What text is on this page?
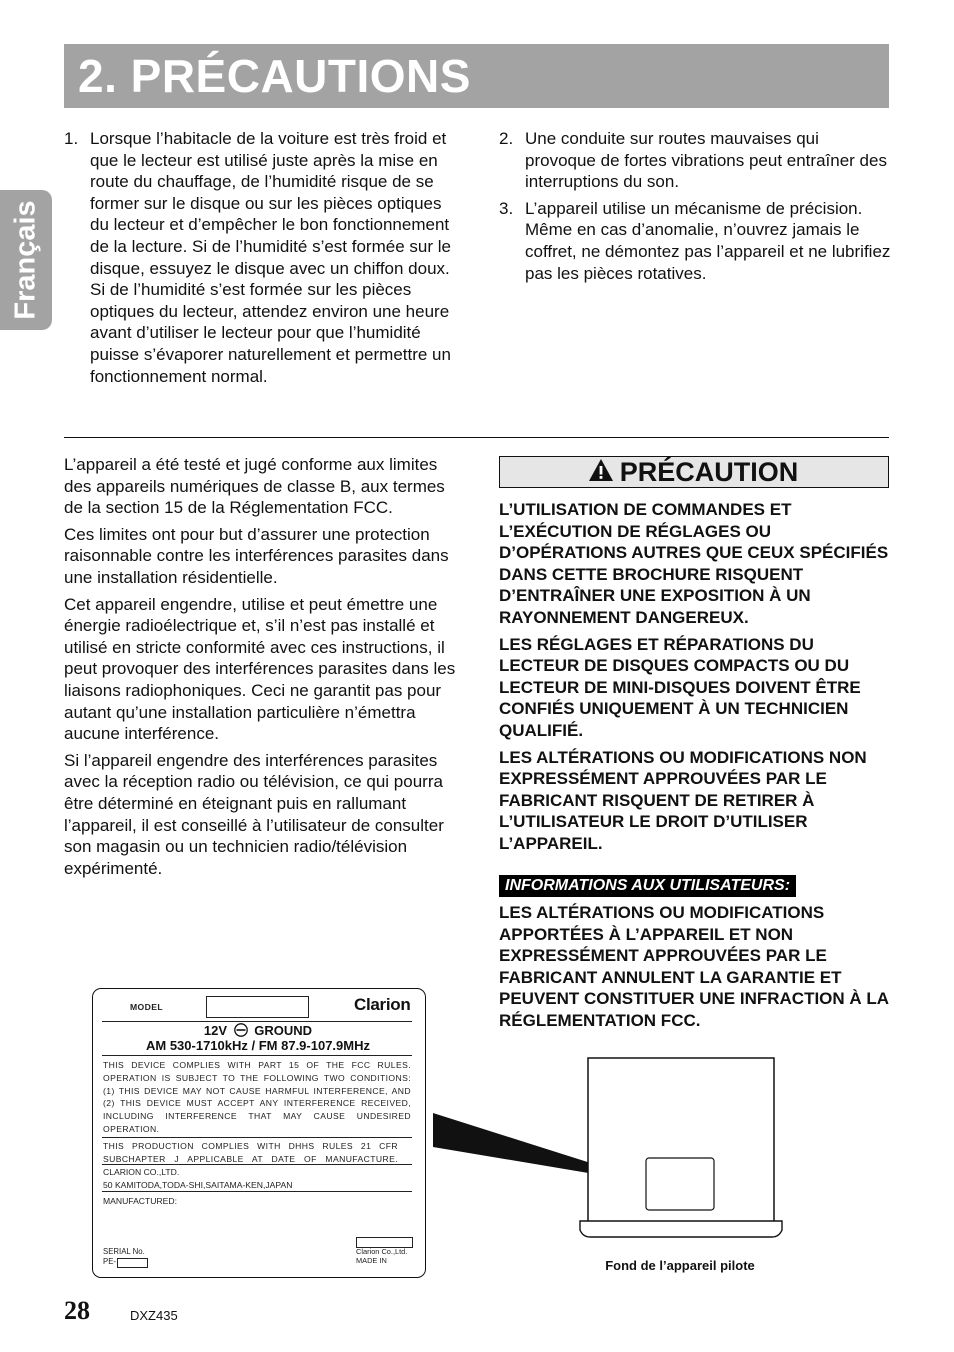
2. PRÉCAUTIONS
Français
1. Lorsque l’habitacle de la voiture est très froid et que le lecteur est utilisé juste après la mise en route du chauffage, de l’humidité risque de se former sur le disque ou sur les pièces optiques du lecteur et d’empêcher le bon fonctionnement de la lecture. Si de l’humidité s’est formée sur le disque, essuyez le disque avec un chiffon doux. Si de l’humidité s’est formée sur les pièces optiques du lecteur, attendez environ une heure avant d’utiliser le lecteur pour que l’humidité puisse s’évaporer naturellement et permettre un fonctionnement normal.
2. Une conduite sur routes mauvaises qui provoque de fortes vibrations peut entraîner des interruptions du son.
3. L’appareil utilise un mécanisme de précision. Même en cas d’anomalie, n’ouvrez jamais le coffret, ne démontez pas l’appareil et ne lubrifiez pas les pièces rotatives.

L’appareil a été testé et jugé conforme aux limites des appareils numériques de classe B, aux termes de la section 15 de la Réglementation FCC.

Ces limites ont pour but d’assurer une protection raisonnable contre les interférences parasites dans une installation résidentielle.

Cet appareil engendre, utilise et peut émettre une énergie radioélectrique et, s’il n’est pas installé et utilisé en stricte conformité avec ces instructions, il peut provoquer des interférences parasites dans les liaisons radiophoniques. Ceci ne garantit pas pour autant qu’une installation particulière n’émettra aucune interférence.

Si l’appareil engendre des interférences parasites avec la réception radio ou télévision, ce qui pourra être déterminé en éteignant puis en rallumant l’appareil, il est conseillé à l’utilisateur de consulter son magasin ou un technicien radio/télévision expérimenté.

PRÉCAUTION

L’UTILISATION DE COMMANDES ET L’EXÉCUTION DE RÉGLAGES OU D’OPÉRATIONS AUTRES QUE CEUX SPÉCIFIÉS DANS CETTE BROCHURE RISQUENT D’ENTRAÎNER UNE EXPOSITION À UN RAYONNEMENT DANGEREUX.

LES RÉGLAGES ET RÉPARATIONS DU LECTEUR DE DISQUES COMPACTS OU DU LECTEUR DE MINI-DISQUES DOIVENT ÊTRE CONFIÉS UNIQUEMENT À UN TECHNICIEN QUALIFIÉ.

LES ALTÉRATIONS OU MODIFICATIONS NON EXPRESSÉMENT APPROUVÉES PAR LE FABRICANT RISQUENT DE RETIRER À L’UTILISATEUR LE DROIT D’UTILISER L’APPAREIL.

INFORMATIONS AUX UTILISATEURS:
LES ALTÉRATIONS OU MODIFICATIONS APPORTÉES À L’APPAREIL ET NON EXPRESSÉMENT APPROUVÉES PAR LE FABRICANT ANNULENT LA GARANTIE ET PEUVENT CONSTITUER UNE INFRACTION À LA RÉGLEMENTATION FCC.
MODEL	Clarion
12V GROUND
AM 530-1710kHz / FM 87.9-107.9MHz
THIS DEVICE COMPLIES WITH PART 15 OF THE FCC RULES.
OPERATION IS SUBJECT TO THE FOLLOWING TWO CONDITIONS:
(1) THIS DEVICE MAY NOT CAUSE HARMFUL INTERFERENCE, AND
(2) THIS DEVICE MUST ACCEPT ANY INTERFERENCE RECEIVED,
INCLUDING INTERFERENCE THAT MAY CAUSE UNDESIRED
OPERATION.
THIS PRODUCTION COMPLIES WITH DHHS RULES 21 CFR
SUBCHAPTER J APPLICABLE AT DATE OF MANUFACTURE.
CLARION CO.,LTD.
50 KAMITODA,TODA-SHI,SAITAMA-KEN,JAPAN
MANUFACTURED:
SERIAL No.
PE-
Clarion Co.,Ltd.
MADE IN	Fond de l’appareil pilote
28	DXZ435
